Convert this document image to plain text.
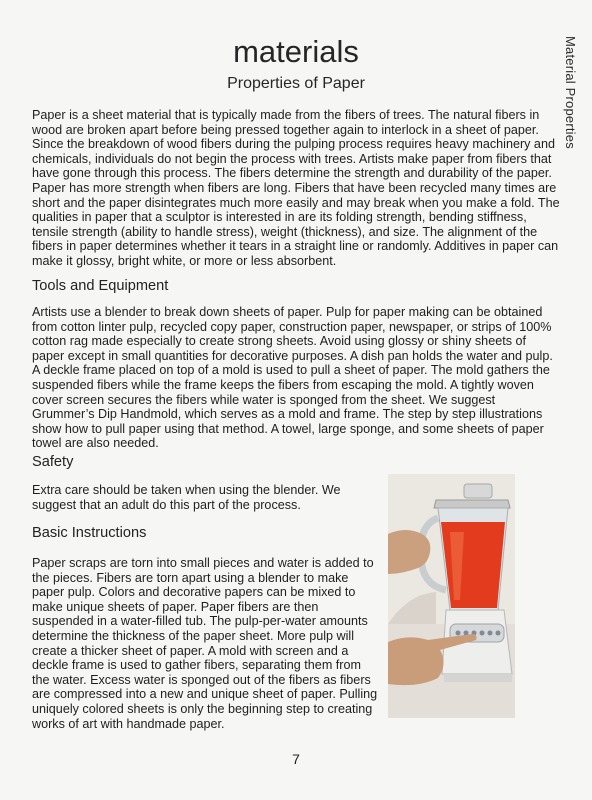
Material Properties
materials
Properties of Paper

Paper is a sheet material that is typically made from the fibers of trees. The natural fibers in wood are broken apart before being pressed together again to interlock in a sheet of paper. Since the breakdown of wood fibers during the pulping process requires heavy machinery and chemicals, individuals do not begin the process with trees. Artists make paper from fibers that have gone through this process. The fibers determine the strength and durability of the paper. Paper has more strength when fibers are long. Fibers that have been recycled many times are short and the paper disintegrates much more easily and may break when you make a fold. The qualities in paper that a sculptor is interested in are its folding strength, bending stiffness, tensile strength (ability to handle stress), weight (thickness), and size. The alignment of the fibers in paper determines whether it tears in a straight line or randomly. Additives in paper can make it glossy, bright white, or more or less absorbent.

Tools and Equipment

Artists use a blender to break down sheets of paper. Pulp for paper making can be obtained from cotton linter pulp, recycled copy paper, construction paper, newspaper, or strips of 100% cotton rag made especially to create strong sheets. Avoid using glossy or shiny sheets of paper except in small quantities for decorative purposes. A dish pan holds the water and pulp. A deckle frame placed on top of a mold is used to pull a sheet of paper. The mold gathers the suspended fibers while the frame keeps the fibers from escaping the mold. A tightly woven cover screen secures the fibers while water is sponged from the sheet. We suggest Grummer’s Dip Handmold, which serves as a mold and frame. The step by step illustrations show how to pull paper using that method. A towel, large sponge, and some sheets of paper towel are also needed.

Safety

Extra care should be taken when using the blender. We suggest that an adult do this part of the process.

Basic Instructions

Paper scraps are torn into small pieces and water is added to the pieces. Fibers are torn apart using a blender to make paper pulp. Colors and decorative papers can be mixed to make unique sheets of paper. Paper fibers are then suspended in a water-filled tub. The pulp-per-water amounts determine the thickness of the paper sheet. More pulp will create a thicker sheet of paper. A mold with screen and a deckle frame is used to gather fibers, separating them from the water. Excess water is sponged out of the fibers as fibers are compressed into a new and unique sheet of paper. Pulling uniquely colored sheets is only the beginning step to creating works of art with handmade paper.

7
